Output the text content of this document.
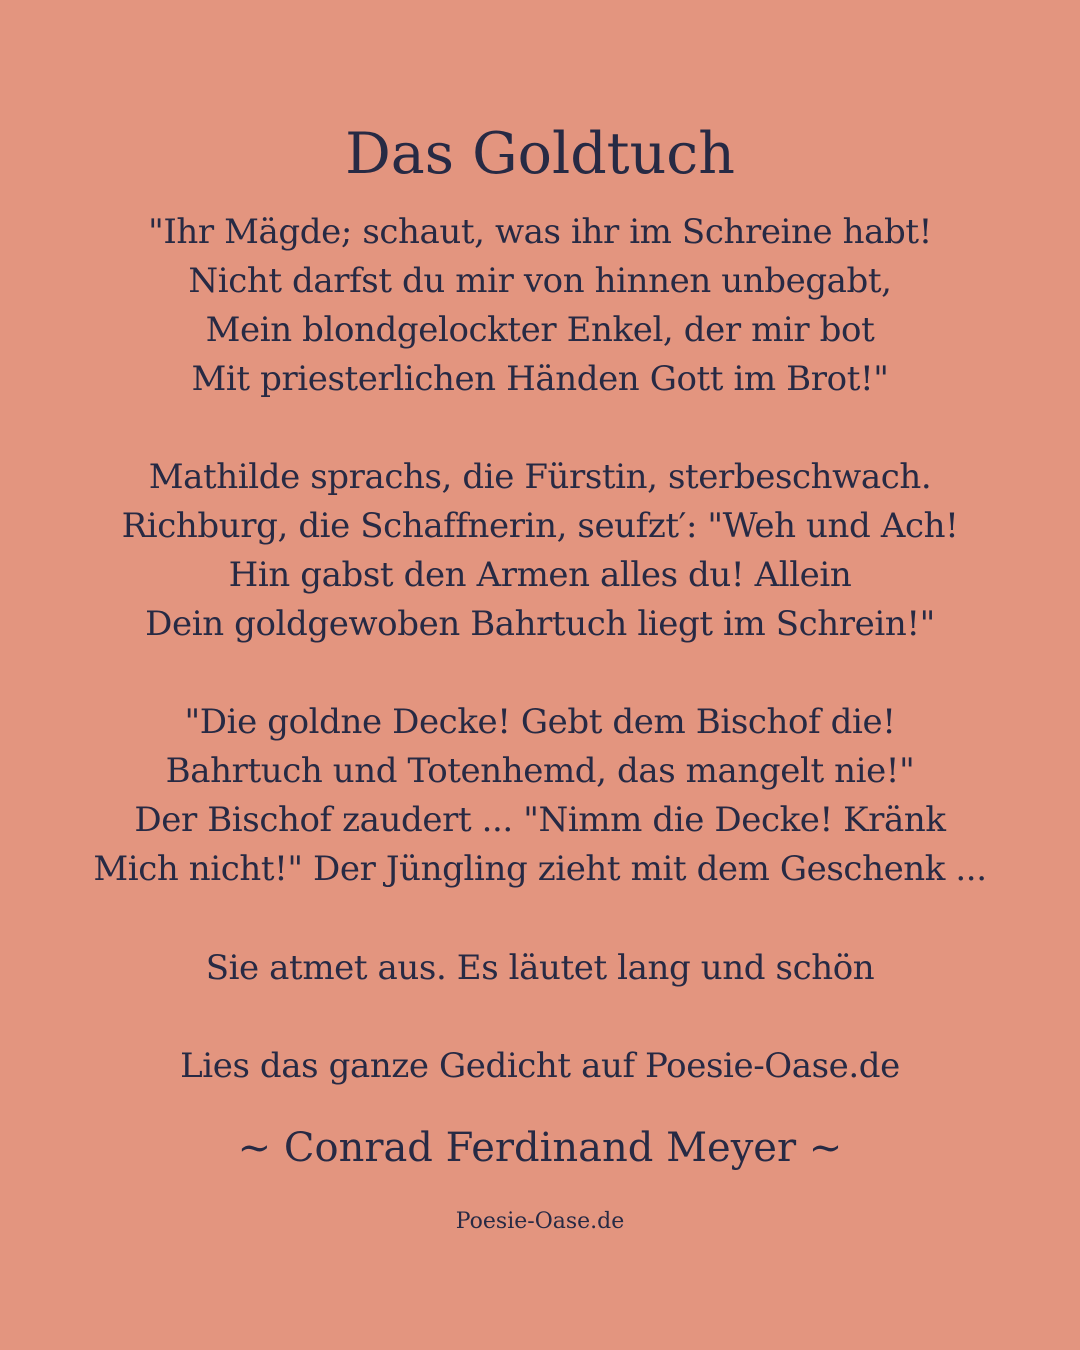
Das Goldtuch
"Ihr Mägde; schaut, was ihr im Schreine habt!
Nicht darfst du mir von hinnen unbegabt,
Mein blondgelockter Enkel, der mir bot
Mit priesterlichen Händen Gott im Brot!"
Mathilde sprachs, die Fürstin, sterbeschwach.
Richburg, die Schaffnerin, seufzt′: "Weh und Ach!
Hin gabst den Armen alles du! Allein
Dein goldgewoben Bahrtuch liegt im Schrein!"
"Die goldne Decke! Gebt dem Bischof die!
Bahrtuch und Totenhemd, das mangelt nie!"
Der Bischof zaudert ... "Nimm die Decke! Kränk
Mich nicht!" Der Jüngling zieht mit dem Geschenk ...
Sie atmet aus. Es läutet lang und schön
Lies das ganze Gedicht auf Poesie-Oase.de
~ Conrad Ferdinand Meyer ~
Poesie-Oase.de
